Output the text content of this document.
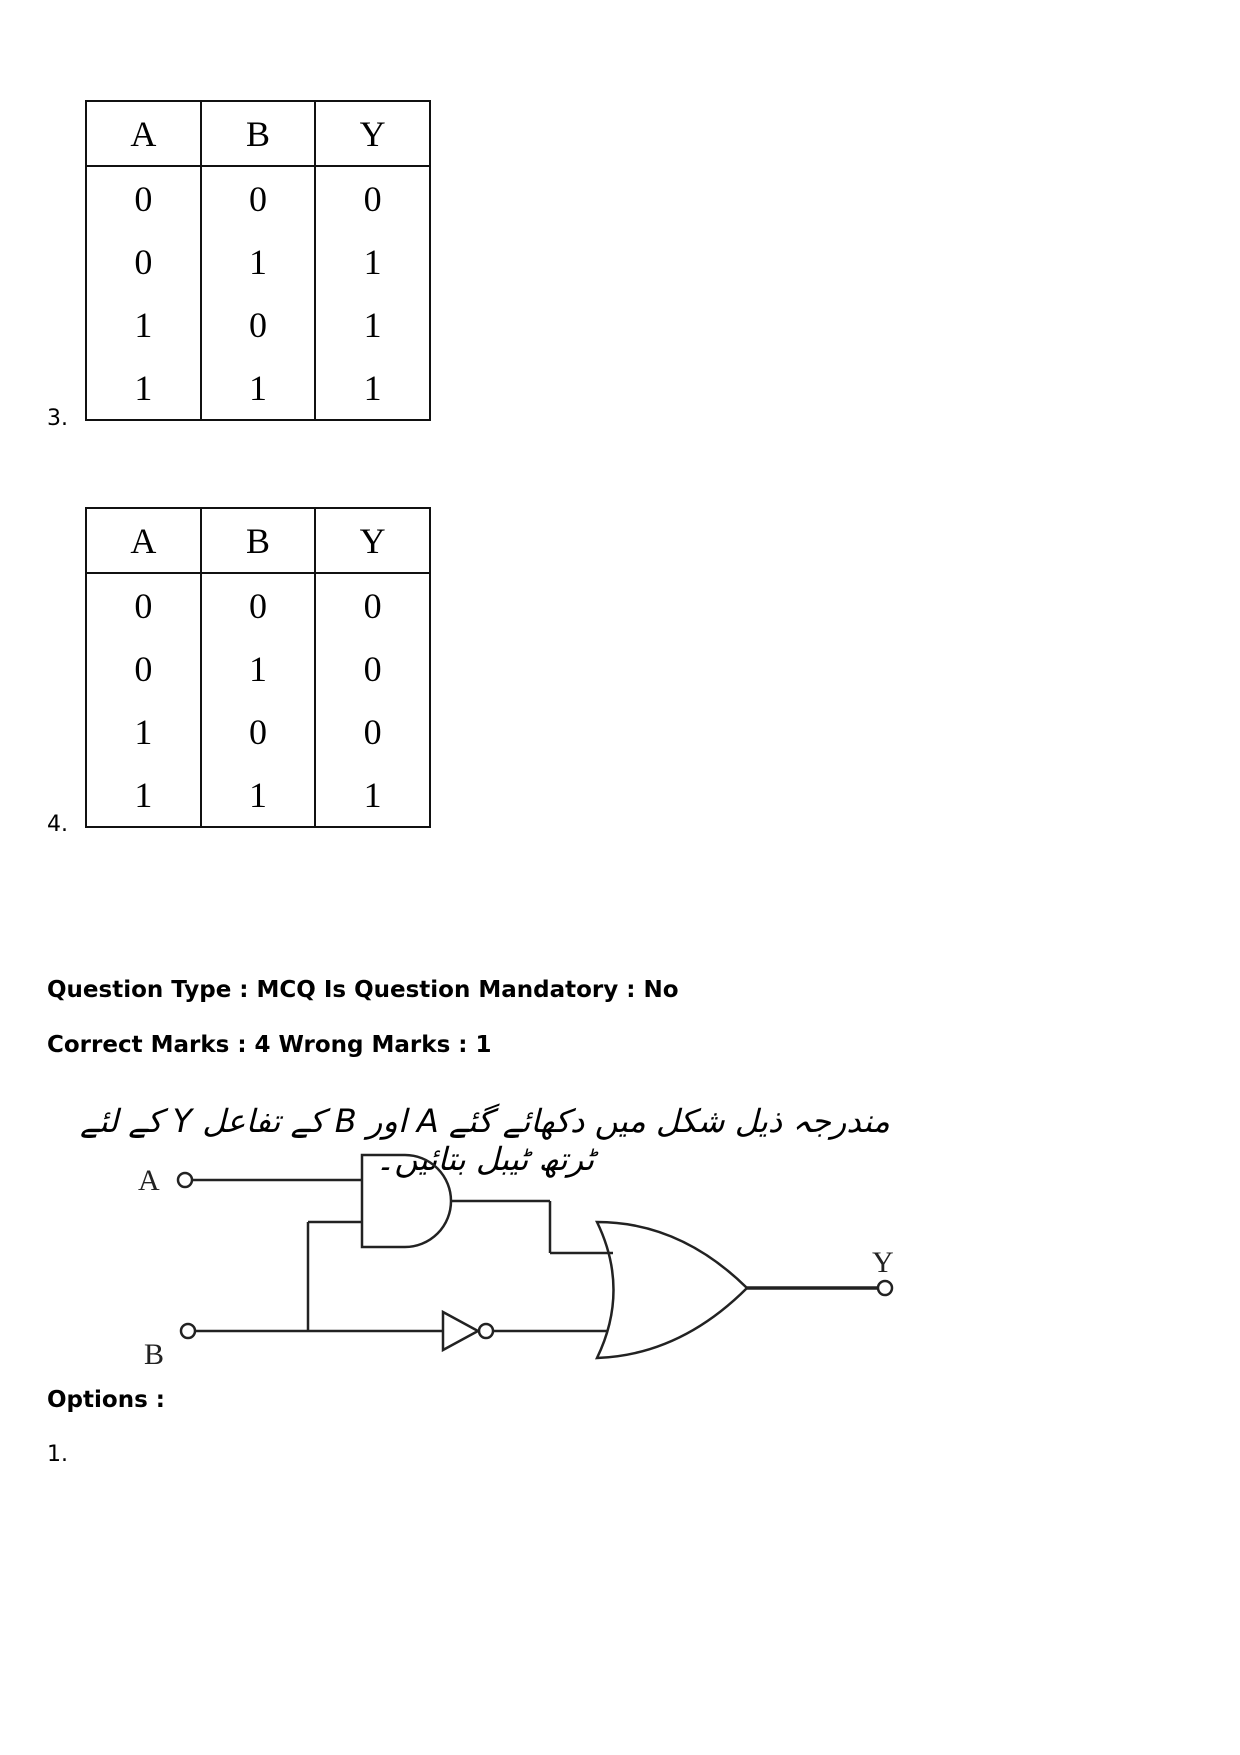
A	B	Y
0	0	0
0	1	1
1	0	1
1	1	1
3.
A	B	Y
0	0	0
0	1	0
1	0	0
1	1	1
4.
Question Type : MCQ Is Question Mandatory : No
Correct Marks : 4 Wrong Marks : 1
مندرجہ ذیل شکل میں دکھائے گئے A اور B کے تفاعل Y کے لئے ٹرتھ ٹیبل بتائیں۔
A
B
Y
Options :
1.
